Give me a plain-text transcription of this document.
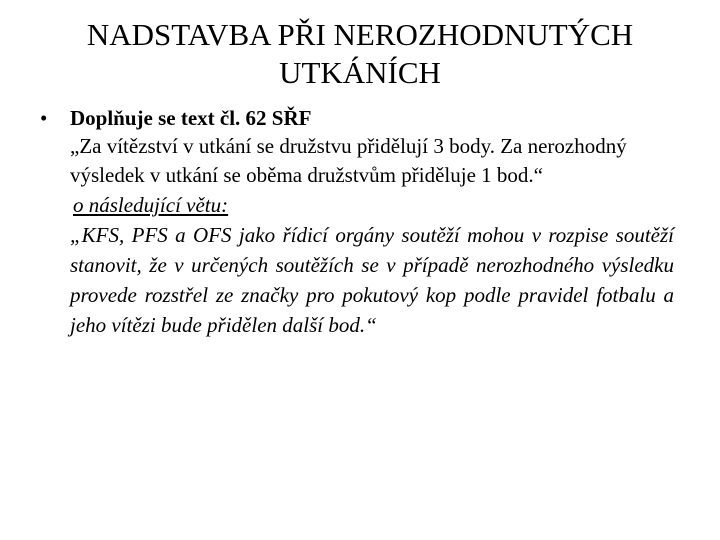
NADSTAVBA PŘI NEROZHODNUTÝCH UTKÁNÍCH
•	Doplňuje se text čl. 62 SŘF
„Za vítězství v utkání se družstvu přidělují 3 body. Za nerozhodný výsledek v utkání se oběma družstvům přiděluje 1 bod.“
o následující větu:
„KFS, PFS a OFS jako řídicí orgány soutěží mohou v rozpise soutěží stanovit, že v určených soutěžích se v případě nerozhodného výsledku provede rozstřel ze značky pro pokutový kop podle pravidel fotbalu a jeho vítězi bude přidělen další bod.“
